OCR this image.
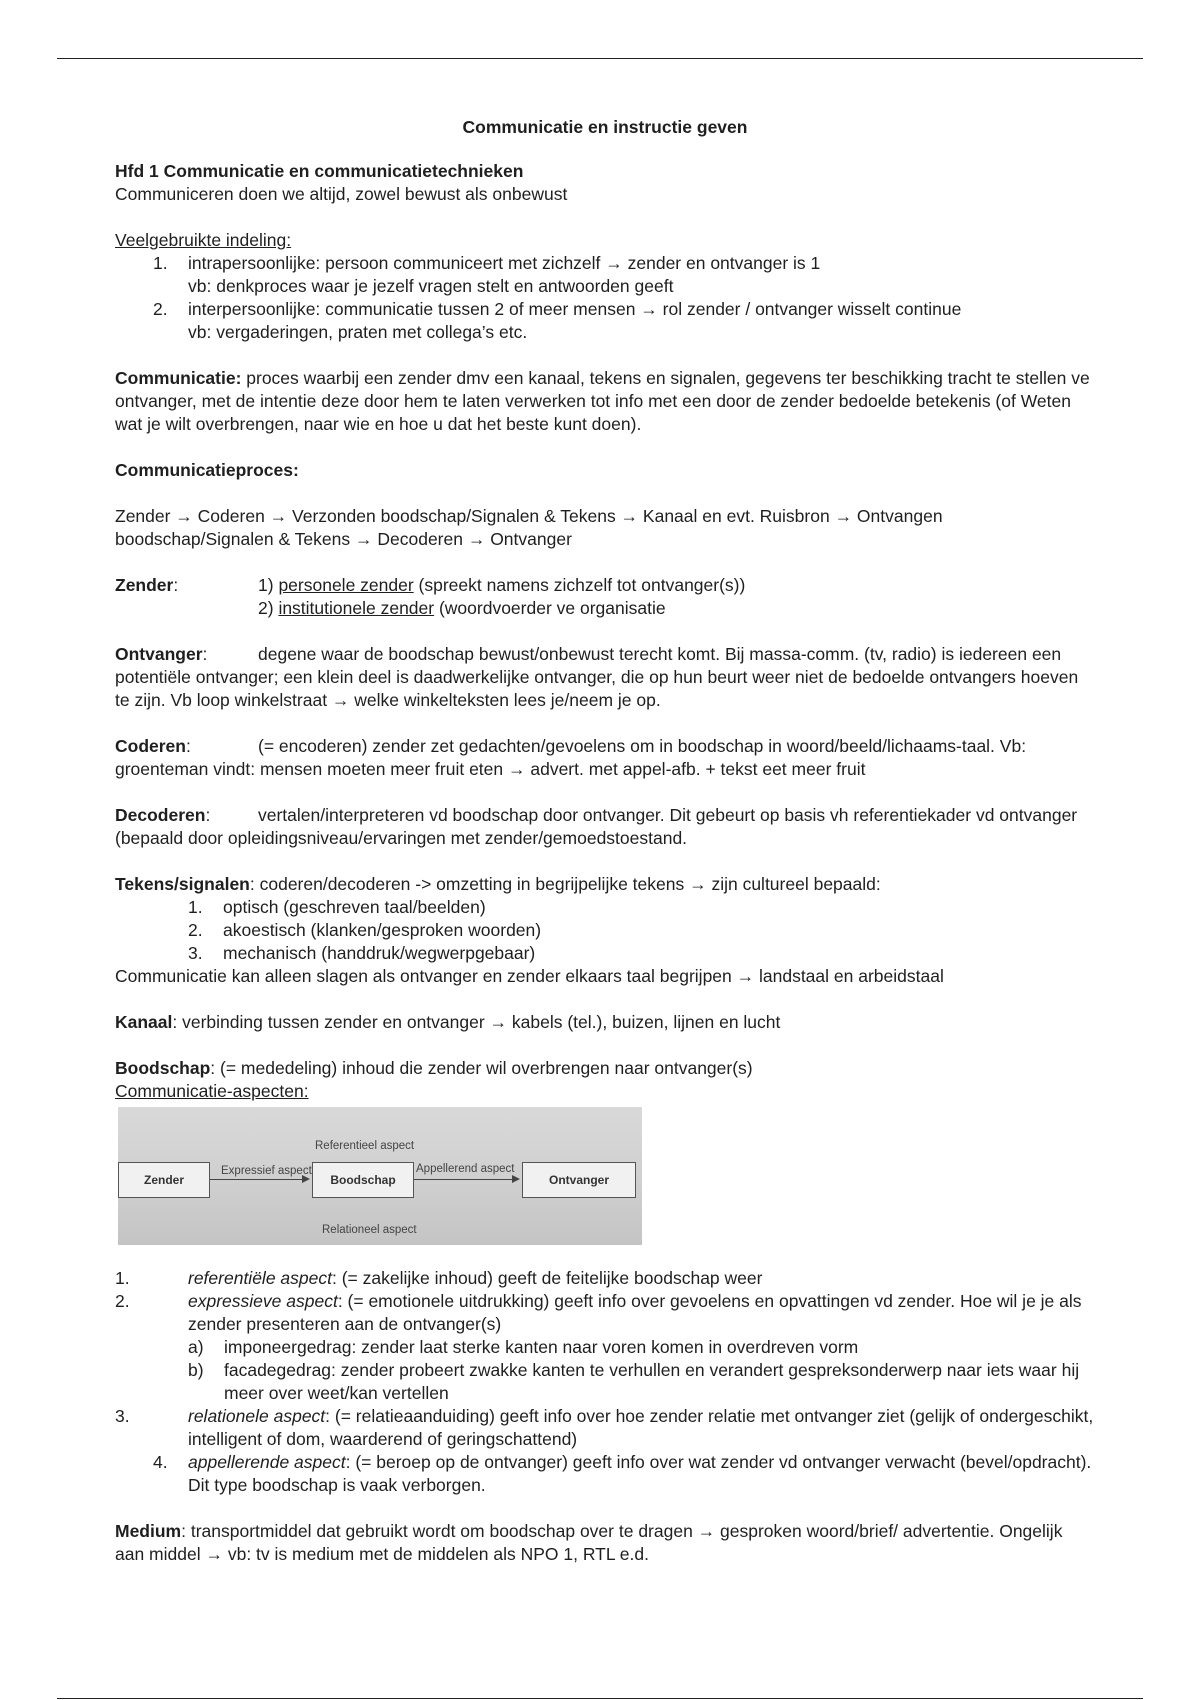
Communicatie en instructie geven

Hfd 1 Communicatie en communicatietechnieken

Communiceren doen we altijd, zowel bewust als onbewust

Veelgebruikte indeling:

1. intrapersoonlijke: persoon communiceert met zichzelf → zender en ontvanger is 1
vb: denkproces waar je jezelf vragen stelt en antwoorden geeft
2. interpersoonlijke: communicatie tussen 2 of meer mensen → rol zender / ontvanger wisselt continue
vb: vergaderingen, praten met collega’s etc.

Communicatie: proces waarbij een zender dmv een kanaal, tekens en signalen, gegevens ter beschikking tracht te stellen ve ontvanger, met de intentie deze door hem te laten verwerken tot info met een door de zender bedoelde betekenis (of Weten wat je wilt overbrengen, naar wie en hoe u dat het beste kunt doen).

Communicatieproces:

Zender → Coderen → Verzonden boodschap/Signalen & Tekens → Kanaal en evt. Ruisbron → Ontvangen boodschap/Signalen & Tekens → Decoderen → Ontvanger

Zender:	1) personele zender (spreekt namens zichzelf tot ontvanger(s))
2) institutionele zender (woordvoerder ve organisatie

Ontvanger:	degene waar de boodschap bewust/onbewust terecht komt. Bij massa-comm. (tv, radio) is iedereen een potentiële ontvanger; een klein deel is daadwerkelijke ontvanger, die op hun beurt weer niet de bedoelde ontvangers hoeven te zijn. Vb loop winkelstraat → welke winkelteksten lees je/neem je op.

Coderen:	(= encoderen) zender zet gedachten/gevoelens om in boodschap in woord/beeld/lichaams-taal. Vb: groenteman vindt: mensen moeten meer fruit eten → advert. met appel-afb. + tekst eet meer fruit

Decoderen:	vertalen/interpreteren vd boodschap door ontvanger. Dit gebeurt op basis vh referentiekader vd ontvanger (bepaald door opleidingsniveau/ervaringen met zender/gemoedstoestand.

Tekens/signalen: coderen/decoderen -> omzetting in begrijpelijke tekens → zijn cultureel bepaald:

1. optisch (geschreven taal/beelden)
2. akoestisch (klanken/gesproken woorden)
3. mechanisch (handdruk/wegwerpgebaar)

Communicatie kan alleen slagen als ontvanger en zender elkaars taal begrijpen → landstaal en arbeidstaal

Kanaal: verbinding tussen zender en ontvanger → kabels (tel.), buizen, lijnen en lucht

Boodschap: (= mededeling) inhoud die zender wil overbrengen naar ontvanger(s)

Communicatie-aspecten:

Referentieel aspect
Zender
Expressief aspect
Boodschap
Appellerend aspect
Ontvanger
Relationeel aspect
1.	referentiële aspect: (= zakelijke inhoud) geeft de feitelijke boodschap weer
2.	expressieve aspect: (= emotionele uitdrukking) geeft info over gevoelens en opvattingen vd zender. Hoe wil je je als zender presenteren aan de ontvanger(s)
a) imponeergedrag: zender laat sterke kanten naar voren komen in overdreven vorm
b) facadegedrag: zender probeert zwakke kanten te verhullen en verandert gespreksonderwerp naar iets waar hij meer over weet/kan vertellen
3.	relationele aspect: (= relatieaanduiding) geeft info over hoe zender relatie met ontvanger ziet (gelijk of ondergeschikt, intelligent of dom, waarderend of geringschattend)
4. appellerende aspect: (= beroep op de ontvanger) geeft info over wat zender vd ontvanger verwacht (bevel/opdracht). Dit type boodschap is vaak verborgen.

Medium: transportmiddel dat gebruikt wordt om boodschap over te dragen → gesproken woord/brief/ advertentie. Ongelijk aan middel → vb: tv is medium met de middelen als NPO 1, RTL e.d.
